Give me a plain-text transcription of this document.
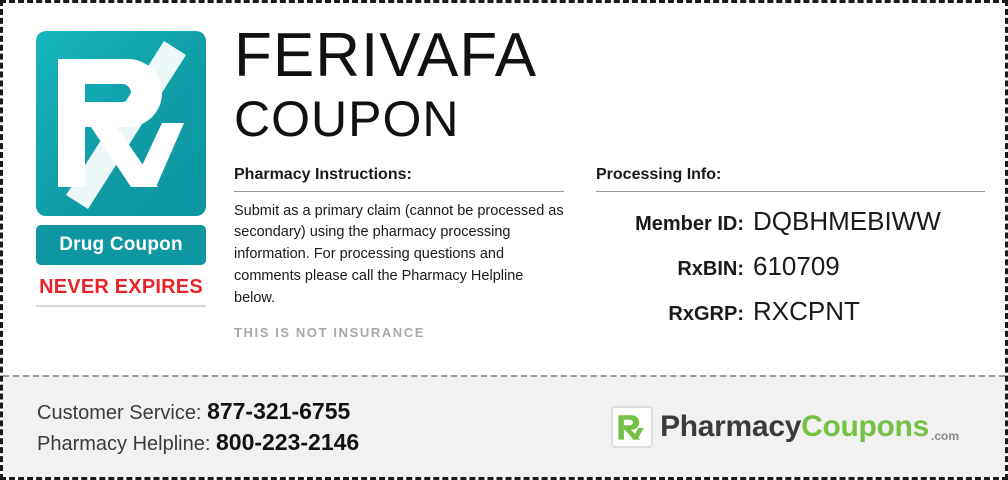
Drug Coupon
NEVER EXPIRES
FERIVAFA
COUPON
Pharmacy Instructions:
Submit as a primary claim (cannot be processed as secondary) using the pharmacy processing information. For processing questions and comments please call the Pharmacy Helpline below.
THIS IS NOT INSURANCE
Processing Info:
Member ID: DQBHMEBIWW
RxBIN: 610709
RxGRP: RXCPNT
Customer Service: 877-321-6755
Pharmacy Helpline: 800-223-2146	PharmacyCoupons .com
